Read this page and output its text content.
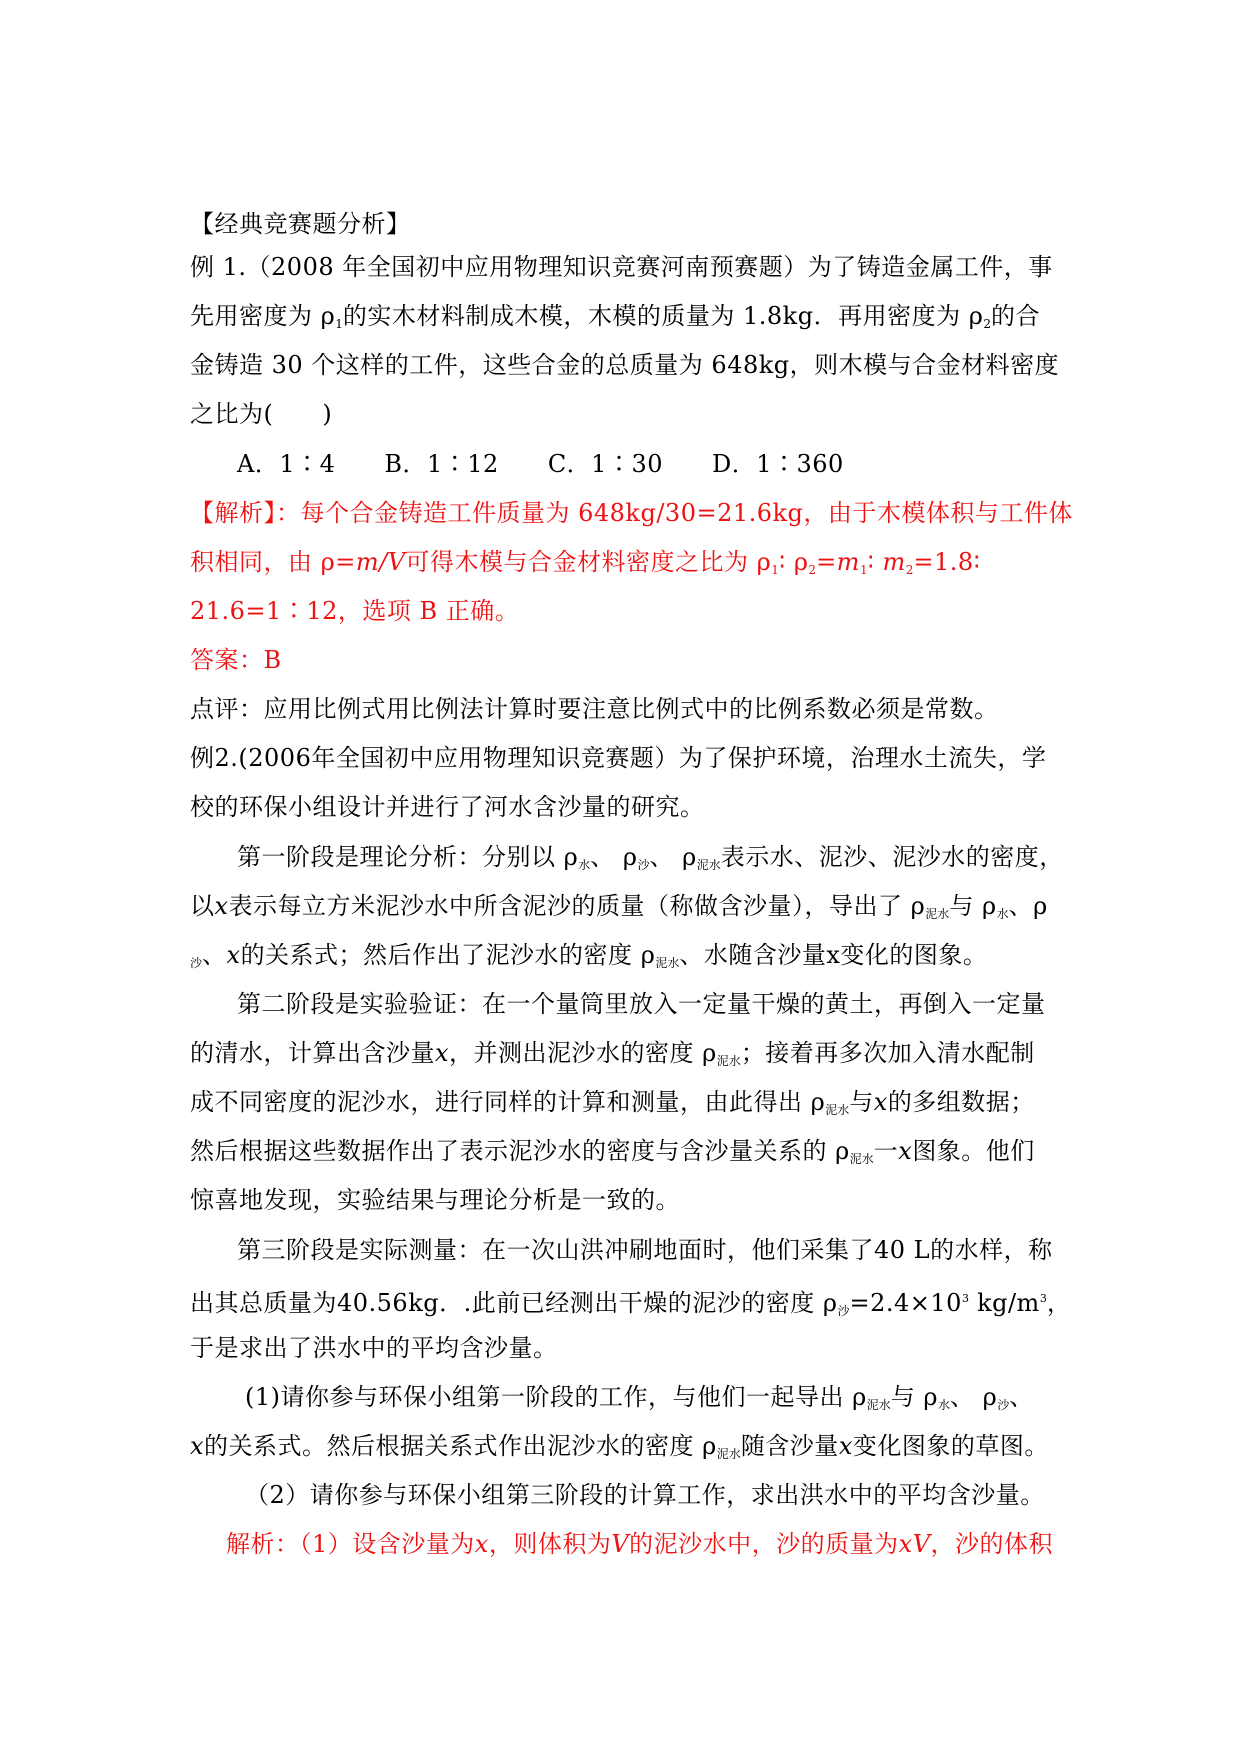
【经典竞赛题分析】
例 1.（2008 年全国初中应用物理知识竞赛河南预赛题）为了铸造金属工件，事
先用密度为 $\rho_1$的实木材料制成木模，木模的质量为 1.8kg．再用密度为 $\rho_2$的合
金铸造 30 个这样的工件，这些合金的总质量为 648kg，则木模与合金材料密度
之比为(　　)
A．1∶4　　B．1∶12　　C．1∶30　　D．1∶360
【解析】：每个合金铸造工件质量为 648kg/30=21.6kg，由于木模体积与工件体
积相同，由 ρ=m/V可得木模与合金材料密度之比为 $\rho_1∶$ $\rho_2=m_1∶$ $m_2=1.8∶$
21.6=1∶12，选项 B 正确。
答案：B
点评：应用比例式用比例法计算时要注意比例式中的比例系数必须是常数。
例2.(2006年全国初中应用物理知识竞赛题）为了保护环境，治理水土流失，学
校的环保小组设计并进行了河水含沙量的研究。
第一阶段是理论分析：分别以 $\rho_水$、 $\rho_沙$、 $\rho_{泥水}$表示水、泥沙、泥沙水的密度，
以x表示每立方米泥沙水中所含泥沙的质量（称做含沙量），导出了 $\rho_{泥水}$与 $\rho_水$、ρ
$_沙$、x的关系式；然后作出了泥沙水的密度 $\rho_{泥水}$、水随含沙量x变化的图象。
第二阶段是实验验证：在一个量筒里放入一定量干燥的黄土，再倒入一定量
的清水，计算出含沙量x，并测出泥沙水的密度 $\rho_{泥水}$；接着再多次加入清水配制
成不同密度的泥沙水，进行同样的计算和测量，由此得出 $\rho_{泥水}$与x的多组数据；
然后根据这些数据作出了表示泥沙水的密度与含沙量关系的 $\rho_{泥水}$一x图象。他们
惊喜地发现，实验结果与理论分析是一致的。
第三阶段是实际测量：在一次山洪冲刷地面时，他们采集了40 L的水样，称
出其总质量为40.56kg．.此前已经测出干燥的泥沙的密度 $\rho_沙=2.4\times 10^3$ $kg/m^3$，
于是求出了洪水中的平均含沙量。
(1)请你参与环保小组第一阶段的工作，与他们一起导出 $\rho_{泥水}$与 $\rho_水$、 $\rho_沙$、
x的关系式。然后根据关系式作出泥沙水的密度 $\rho_{泥水}$随含沙量x变化图象的草图。
（2）请你参与环保小组第三阶段的计算工作，求出洪水中的平均含沙量。
解析：（1）设含沙量为x，则体积为V的泥沙水中，沙的质量为xV，沙的体积
